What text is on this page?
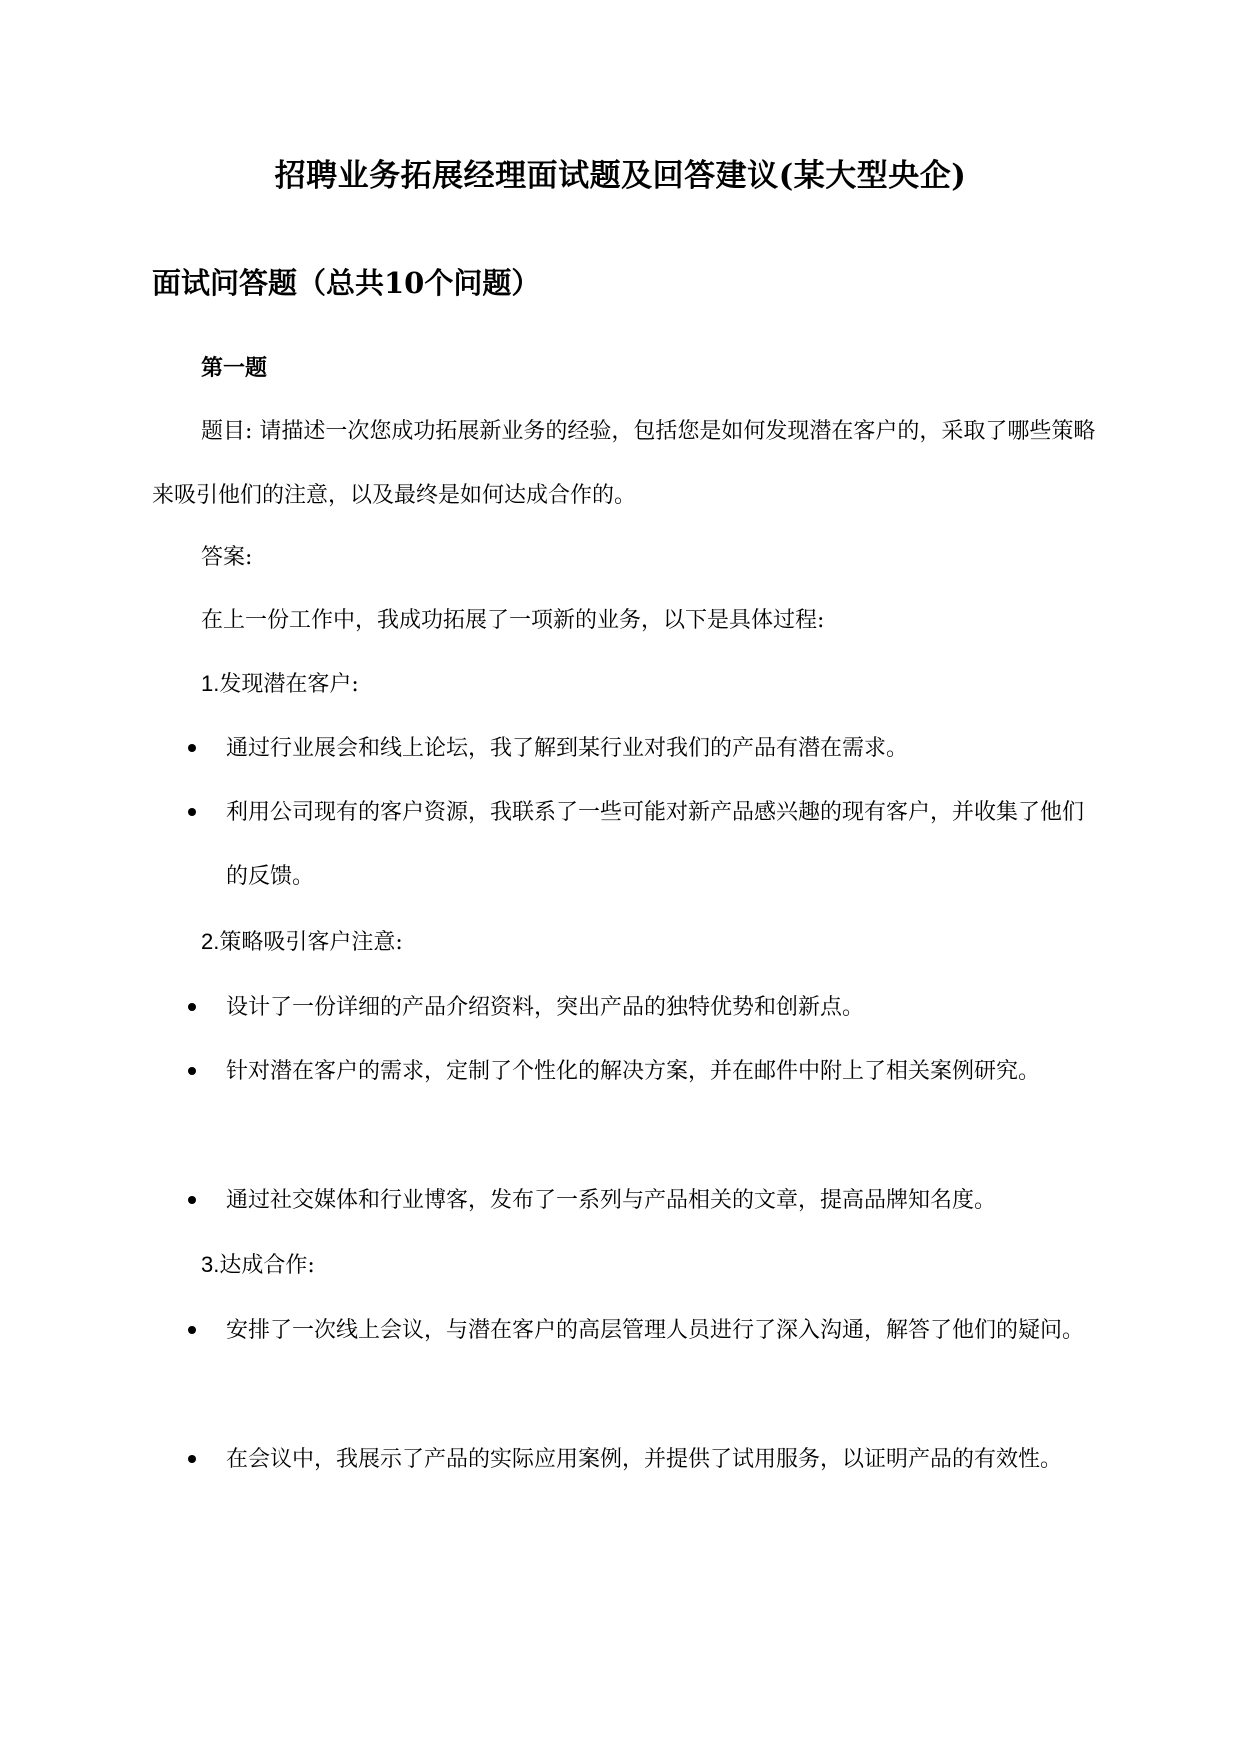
招聘业务拓展经理面试题及回答建议(某大型央企)
面试问答题（总共10个问题）
第一题
题目: 请描述一次您成功拓展新业务的经验，包括您是如何发现潜在客户的，采取了哪些策略来吸引他们的注意，以及最终是如何达成合作的。
答案:
在上一份工作中，我成功拓展了一项新的业务，以下是具体过程:
1.发现潜在客户:
通过行业展会和线上论坛，我了解到某行业对我们的产品有潜在需求。
利用公司现有的客户资源，我联系了一些可能对新产品感兴趣的现有客户，并收集了他们的反馈。
2.策略吸引客户注意:
设计了一份详细的产品介绍资料，突出产品的独特优势和创新点。
针对潜在客户的需求，定制了个性化的解决方案，并在邮件中附上了相关案例研究。
通过社交媒体和行业博客，发布了一系列与产品相关的文章，提高品牌知名度。
3.达成合作:
安排了一次线上会议，与潜在客户的高层管理人员进行了深入沟通，解答了他们的疑问。
在会议中，我展示了产品的实际应用案例，并提供了试用服务，以证明产品的有效性。
